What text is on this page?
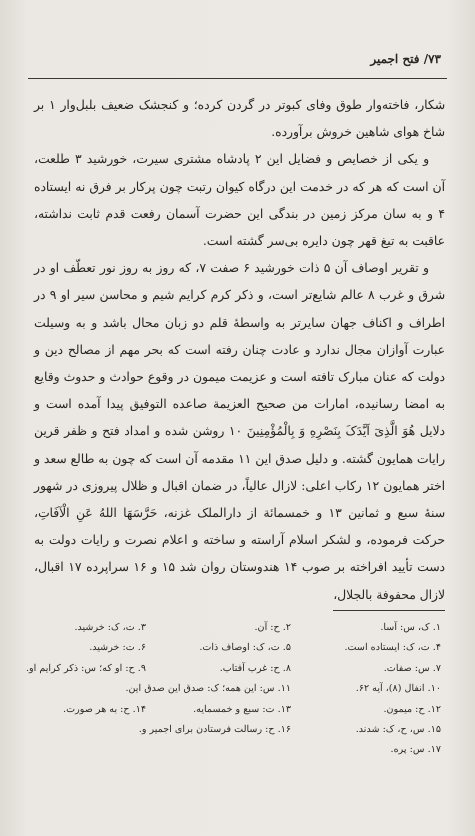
۷۳/ فتح اجمیر

شکار، فاخته‌وار طوق وفای کبوتر در گردن کرده؛ و کنجشک ضعیف بلبل‌وار ۱ بر شاخ هوای شاهین خروش برآورده.

و یکی از خصایص و فضایل این ۲ پادشاه مشتری سیرت، خورشید ۳ طلعت، آن است که هر که در خدمت این درگاه کیوان رتبت چون پرکار بر فرق نه ایستاده ۴ و به سان مرکز زمین در بندگی این حضرت آسمان رفعت قدم ثابت نداشته، عاقبت به تیغ قهر چون دایره بی‌سر گشته است.

و تقریر اوصاف آن ۵ ذات خورشید ۶ صفت ۷، که روز به روز نور تعطّف او در شرق و غرب ۸ عالم شایع‌تر است، و ذکر کرم کرایم شیم و محاسن سیر او ۹ در اطراف و اکناف جهان سایرتر به واسطهٔ قلم دو زبان محال باشد و به وسیلت عبارت آوازان مجال ندارد و عادت چنان رفته است که بحر مهم از مصالح دین و دولت که عنان مبارک تافته است و عزیمت میمون در وقوع حوادث و حدوث وقایع به امضا رسانیده، امارات من صحیح العزیمة صاعده التوفیق پیدا آمده است و دلایل هُوَ الَّذِیٓ اَیَّدَکَ بِنَصْرِهِ وَ بِالْمُؤْمِنِینَ ۱۰ روشن شده و امداد فتح و ظفر قرین رایات همایون گشته. و دلیل صدق این ۱۱ مقدمه آن است که چون به طالع سعد و اختر همایون ۱۲ رکاب اعلی: لازال عالیاً، در ضمان اقبال و ظلال پیروزی در شهور سنهٔ سبع و ثمانین ۱۳ و خمسمائة از دارالملک غزنه، حَرَّسَهَا اللهُ عَنِ الْآفَاتِ، حرکت فرموده، و لشکر اسلام آراسته و ساخته و اعلام نصرت و رایات دولت به دست تأیید افراخته بر صوب ۱۴ هندوستان روان شد ۱۵ و ۱۶ سراپرده ۱۷ اقبال، لازال محفوفة بالجلال،

۱. ک، س: آسا.
۲. ح: آن.
۳. ت، ک: خرشید.
۴. ت، ک: ایستاده است.
۵. ت، ک: اوصاف ذات.
۶. ت: خرشید.
۷. س: صفات.
۸. ح: غرب آفتاب.
۹. ح: او که؛ س: ذکر کرایم او.
۱۰. انفال (۸)، آیه ۶۲.
۱۱. س: این همه؛ ک: صدق این صدق این.
۱۲. ح: میمون.
۱۳. ت: سبع و خمسمایه.
۱۴. ح: به هر صورت.
۱۵. س، ح، ک: شدند.
۱۶. ح: رسالت فرستادن برای اجمیر و.
۱۷. س: پره.
